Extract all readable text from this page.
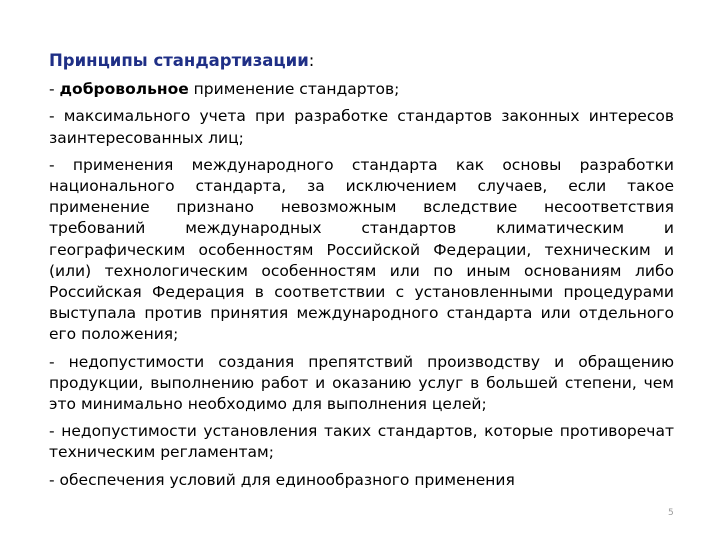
Принципы стандартизации:
- добровольное применение стандартов;
- максимального учета при разработке стандартов законных интересов заинтересованных лиц;
- применения международного стандарта как основы разработки национального стандарта, за исключением случаев, если такое применение признано невозможным вследствие несоответствия требований международных стандартов климатическим и географическим особенностям Российской Федерации, техническим и (или) технологическим особенностям или по иным основаниям либо Российская Федерация в соответствии с установленными процедурами выступала против принятия международного стандарта или отдельного его положения;
- недопустимости создания препятствий производству и обращению продукции, выполнению работ и оказанию услуг в большей степени, чем это минимально необходимо для выполнения целей;
- недопустимости установления таких стандартов, которые противоречат техническим регламентам;
- обеспечения условий для единообразного применения
5
